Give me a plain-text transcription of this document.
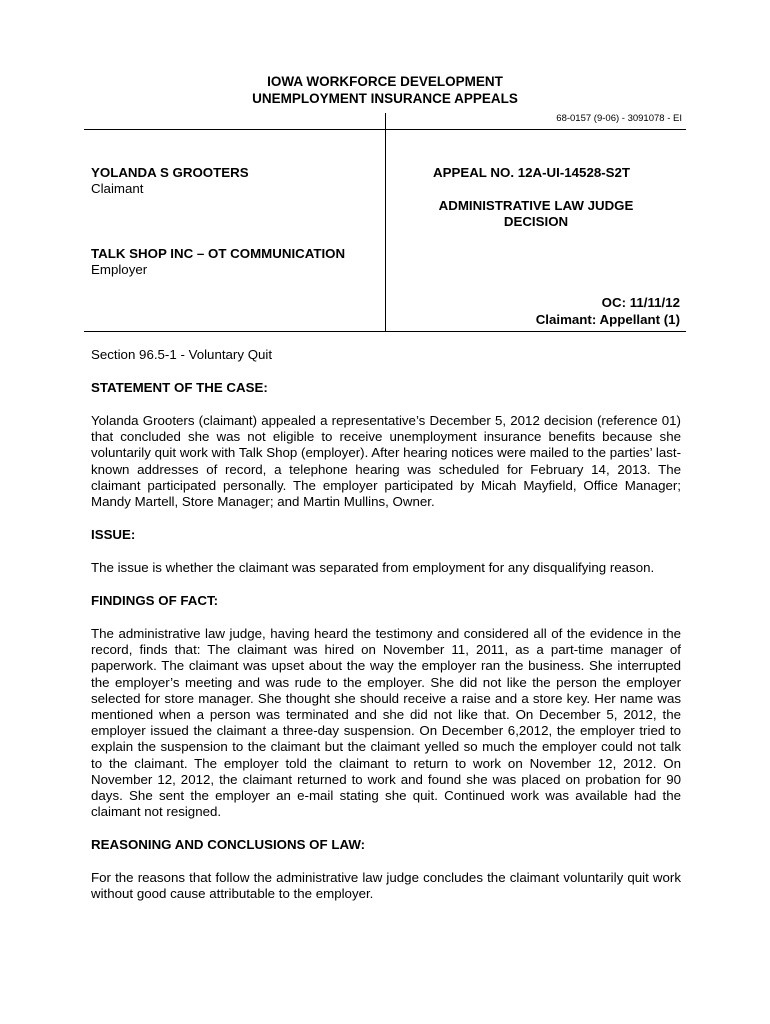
IOWA WORKFORCE DEVELOPMENT
UNEMPLOYMENT INSURANCE APPEALS
68-0157 (9-06) - 3091078 - EI
YOLANDA S GROOTERS
Claimant
TALK SHOP INC – OT COMMUNICATION
Employer
APPEAL NO. 12A-UI-14528-S2T
ADMINISTRATIVE LAW JUDGE
DECISION
OC: 11/11/12
Claimant: Appellant (1)
Section 96.5-1 - Voluntary Quit
STATEMENT OF THE CASE:
Yolanda Grooters (claimant) appealed a representative’s December 5, 2012 decision (reference 01) that concluded she was not eligible to receive unemployment insurance benefits because she voluntarily quit work with Talk Shop (employer). After hearing notices were mailed to the parties’ last-known addresses of record, a telephone hearing was scheduled for February 14, 2013. The claimant participated personally. The employer participated by Micah Mayfield, Office Manager; Mandy Martell, Store Manager; and Martin Mullins, Owner.
ISSUE:
The issue is whether the claimant was separated from employment for any disqualifying reason.
FINDINGS OF FACT:
The administrative law judge, having heard the testimony and considered all of the evidence in the record, finds that: The claimant was hired on November 11, 2011, as a part-time manager of paperwork. The claimant was upset about the way the employer ran the business. She interrupted the employer’s meeting and was rude to the employer. She did not like the person the employer selected for store manager. She thought she should receive a raise and a store key. Her name was mentioned when a person was terminated and she did not like that. On December 5, 2012, the employer issued the claimant a three-day suspension. On December 6,2012, the employer tried to explain the suspension to the claimant but the claimant yelled so much the employer could not talk to the claimant. The employer told the claimant to return to work on November 12, 2012. On November 12, 2012, the claimant returned to work and found she was placed on probation for 90 days. She sent the employer an e-mail stating she quit. Continued work was available had the claimant not resigned.
REASONING AND CONCLUSIONS OF LAW:
For the reasons that follow the administrative law judge concludes the claimant voluntarily quit work without good cause attributable to the employer.
